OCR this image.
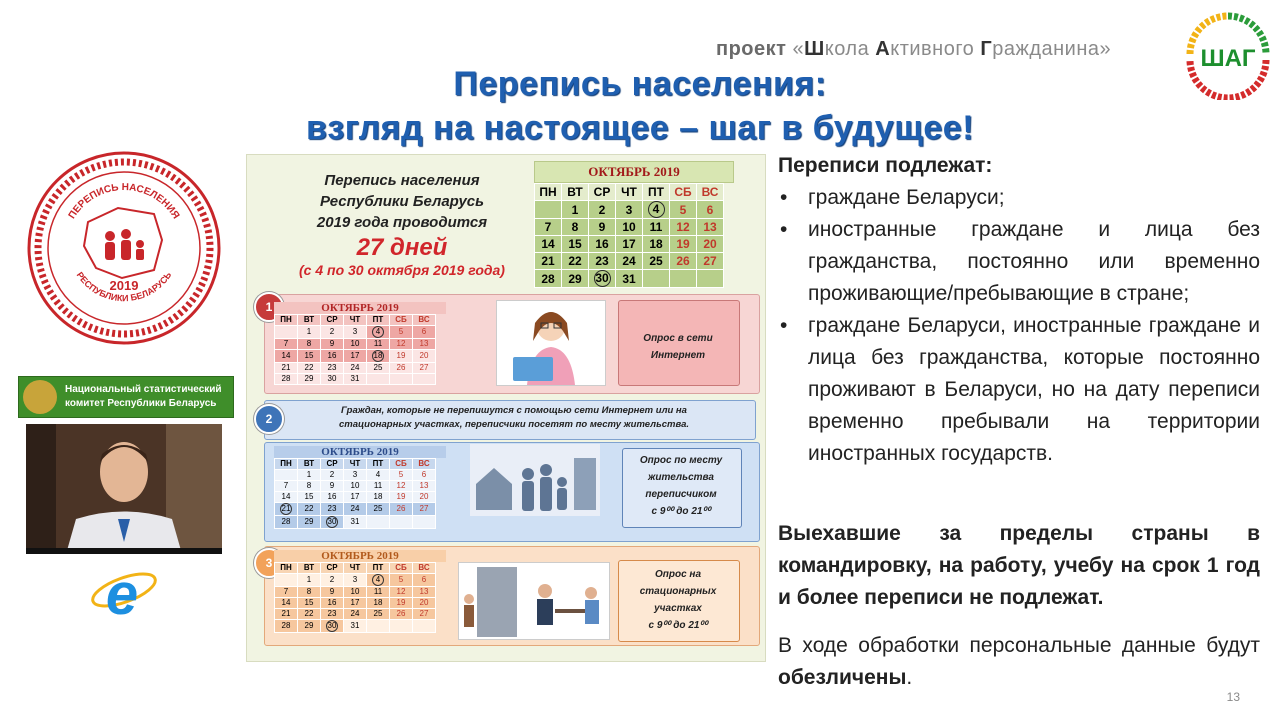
проект «Школа Активного Гражданина»
Перепись населения:
взгляд на настоящее – шаг в будущее!
ШАГ
ПЕРЕПИСЬ НАСЕЛЕНИЯ
РЕСПУБЛИКИ БЕЛАРУСЬ
2019
Национальный статистический
комитет Республики Беларусь
e
Перепись населения
Республики Беларусь
2019 года проводится
27 дней
(с 4 по 30 октября 2019 года)
ОКТЯБРЬ 2019
ПН	ВТ	СР	ЧТ	ПТ	СБ	ВС
	1	2	3	4	5	6
7	8	9	10	11	12	13
14	15	16	17	18	19	20
21	22	23	24	25	26	27
28	29	30	31			
1	ОКТЯБРЬ 2019
ПН	ВТ	СР	ЧТ	ПТ	СБ	ВС
	1	2	3	4	5	6
7	8	9	10	11	12	13
14	15	16	17	18	19	20
21	22	23	24	25	26	27
28	29	30	31			
Опрос в сети Интернет
Граждан, которые не перепишутся с помощью сети Интернет или на стационарных участках, переписчики посетят по месту жительства.
2
ОКТЯБРЬ 2019
ПН	ВТ	СР	ЧТ	ПТ	СБ	ВС
	1	2	3	4	5	6
7	8	9	10	11	12	13
14	15	16	17	18	19	20
21	22	23	24	25	26	27
28	29	30	31			
Опрос по месту
жительства
переписчиком
с 9⁰⁰ до 21⁰⁰
3	ОКТЯБРЬ 2019
ПН	ВТ	СР	ЧТ	ПТ	СБ	ВС
	1	2	3	4	5	6
7	8	9	10	11	12	13
14	15	16	17	18	19	20
21	22	23	24	25	26	27
28	29	30	31			
Опрос на
стационарных
участках
с 9⁰⁰ до 21⁰⁰
Переписи подлежат:
• граждане Беларуси;
• иностранные граждане и лица без гражданства, постоянно или временно проживающие/пребывающие в стране;
• граждане Беларуси, иностранные граждане и лица без гражданства, которые постоянно проживают в Беларуси, но на дату переписи временно пребывали на территории иностранных государств.
Выехавшие за пределы страны в командировку, на работу, учебу на срок 1 год и более переписи не подлежат.
В ходе обработки персональные данные будут обезличены.
13
